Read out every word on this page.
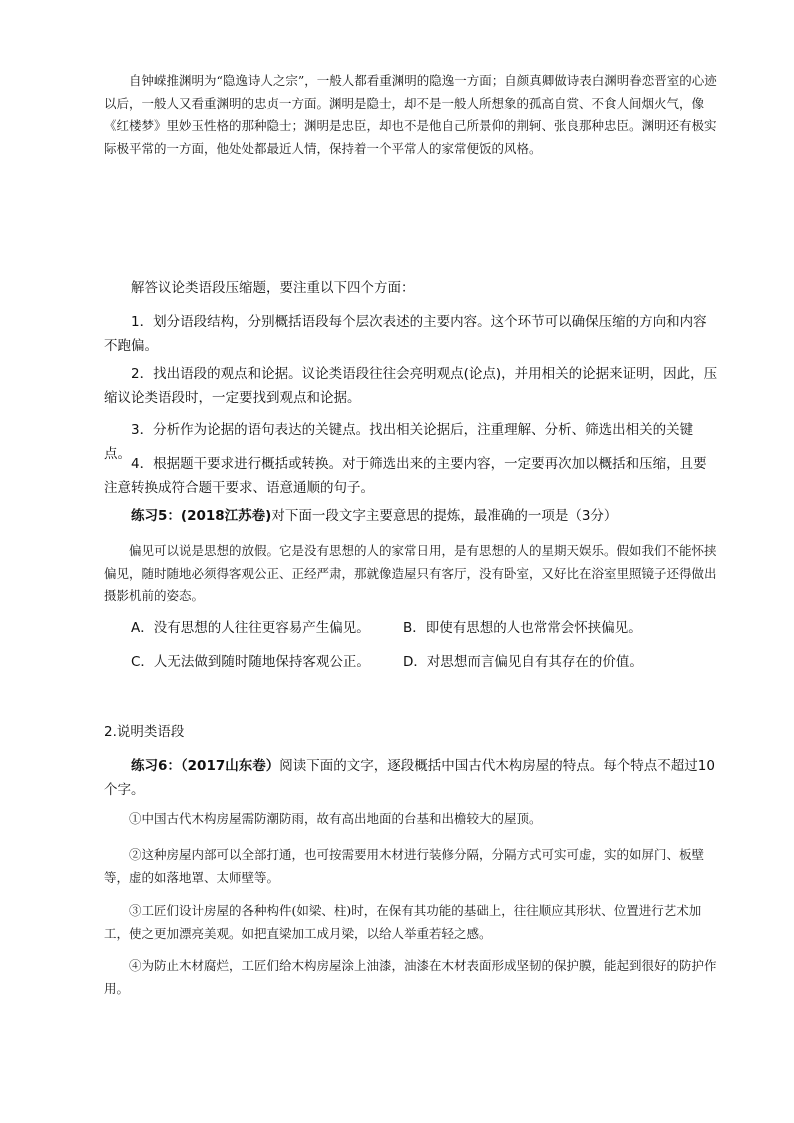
自钟嵘推渊明为“隐逸诗人之宗”，一般人都看重渊明的隐逸一方面；自颜真卿做诗表白渊明眷恋晋室的心迹以后，一般人又看重渊明的忠贞一方面。渊明是隐士，却不是一般人所想象的孤高自赏、不食人间烟火气，像《红楼梦》里妙玉性格的那种隐士；渊明是忠臣，却也不是他自己所景仰的荆轲、张良那种忠臣。渊明还有极实际极平常的一方面，他处处都最近人情，保持着一个平常人的家常便饭的风格。
解答议论类语段压缩题，要注重以下四个方面：
1．划分语段结构，分别概括语段每个层次表述的主要内容。这个环节可以确保压缩的方向和内容不跑偏。
2．找出语段的观点和论据。议论类语段往往会亮明观点(论点)，并用相关的论据来证明，因此，压缩议论类语段时，一定要找到观点和论据。
3．分析作为论据的语句表达的关键点。找出相关论据后，注重理解、分析、筛选出相关的关键点。
4．根据题干要求进行概括或转换。对于筛选出来的主要内容，一定要再次加以概括和压缩，且要注意转换成符合题干要求、语意通顺的句子。
练习5：(2018江苏卷)对下面一段文字主要意思的提炼，最准确的一项是（3分）
偏见可以说是思想的放假。它是没有思想的人的家常日用，是有思想的人的星期天娱乐。假如我们不能怀挟偏见，随时随地必须得客观公正、正经严肃，那就像造屋只有客厅，没有卧室，又好比在浴室里照镜子还得做出摄影机前的姿态。
A．没有思想的人往往更容易产生偏见。 B．即使有思想的人也常常会怀挟偏见。
C．人无法做到随时随地保持客观公正。 D．对思想而言偏见自有其存在的价值。
2.说明类语段
练习6：（2017山东卷）阅读下面的文字，逐段概括中国古代木构房屋的特点。每个特点不超过10个字。
①中国古代木构房屋需防潮防雨，故有高出地面的台基和出檐较大的屋顶。
②这种房屋内部可以全部打通，也可按需要用木材进行装修分隔，分隔方式可实可虚，实的如屏门、板壁等，虚的如落地罩、太师壁等。
③工匠们设计房屋的各种构件(如梁、柱)时，在保有其功能的基础上，往往顺应其形状、位置进行艺术加工，使之更加漂亮美观。如把直梁加工成月梁，以给人举重若轻之感。
④为防止木材腐烂，工匠们给木构房屋涂上油漆，油漆在木材表面形成坚韧的保护膜，能起到很好的防护作用。
